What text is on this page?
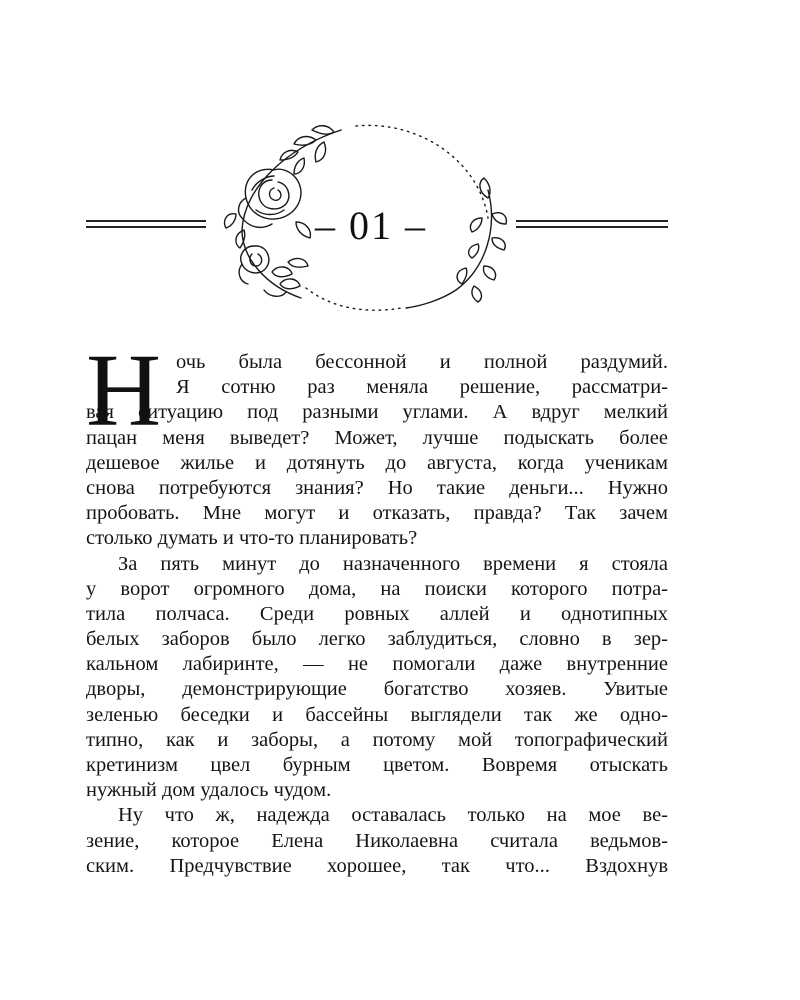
– 01 –
Н очь была бессонной и полной раздумий.
Я сотню раз меняла решение, рассматри-
вая ситуацию под разными углами. А вдруг мелкий
пацан меня выведет? Может, лучше подыскать более
дешевое жилье и дотянуть до августа, когда ученикам
снова потребуются знания? Но такие деньги... Нужно
пробовать. Мне могут и отказать, правда? Так зачем
столько думать и что-то планировать?
За пять минут до назначенного времени я стояла
у ворот огромного дома, на поиски которого потра-
тила полчаса. Среди ровных аллей и однотипных
белых заборов было легко заблудиться, словно в зер-
кальном лабиринте, — не помогали даже внутренние
дворы, демонстрирующие богатство хозяев. Увитые
зеленью беседки и бассейны выглядели так же одно-
типно, как и заборы, а потому мой топографический
кретинизм цвел бурным цветом. Вовремя отыскать
нужный дом удалось чудом.
Ну что ж, надежда оставалась только на мое ве-
зение, которое Елена Николаевна считала ведьмов-
ским. Предчувствие хорошее, так что... Вздохнув
